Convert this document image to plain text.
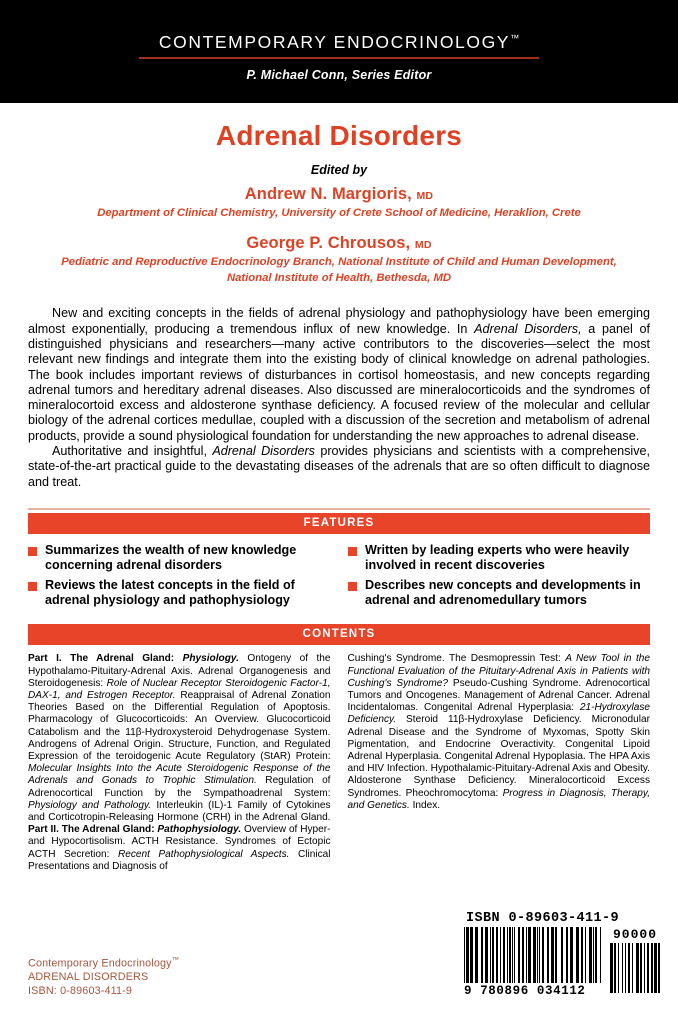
CONTEMPORARY ENDOCRINOLOGY™
P. Michael Conn, Series Editor
Adrenal Disorders
Edited by
Andrew N. Margioris, MD
Department of Clinical Chemistry, University of Crete School of Medicine, Heraklion, Crete
George P. Chrousos, MD
Pediatric and Reproductive Endocrinology Branch, National Institute of Child and Human Development,
National Institute of Health, Bethesda, MD

New and exciting concepts in the fields of adrenal physiology and pathophysiology have been emerging almost exponentially, producing a tremendous influx of new knowledge. In Adrenal Disorders, a panel of distinguished physicians and researchers—many active contributors to the discoveries—select the most relevant new findings and integrate them into the existing body of clinical knowledge on adrenal pathologies. The book includes important reviews of disturbances in cortisol homeostasis, and new concepts regarding adrenal tumors and hereditary adrenal diseases. Also discussed are mineralocorticoids and the syndromes of mineralocortoid excess and aldosterone synthase deficiency. A focused review of the molecular and cellular biology of the adrenal cortices medullae, coupled with a discussion of the secretion and metabolism of adrenal products, provide a sound physiological foundation for understanding the new approaches to adrenal disease.

Authoritative and insightful, Adrenal Disorders provides physicians and scientists with a comprehensive, state-of-the-art practical guide to the devastating diseases of the adrenals that are so often difficult to diagnose and treat.

FEATURES
Summarizes the wealth of new knowledge concerning adrenal disorders
Reviews the latest concepts in the field of adrenal physiology and pathophysiology
Written by leading experts who were heavily involved in recent discoveries
Describes new concepts and developments in adrenal and adrenomedullary tumors
CONTENTS
Part I. The Adrenal Gland: Physiology. Ontogeny of the Hypothalamo-Pituitary-Adrenal Axis. Adrenal Organogenesis and Steroidogenesis: Role of Nuclear Receptor Steroidogenic Factor-1, DAX-1, and Estrogen Receptor. Reappraisal of Adrenal Zonation Theories Based on the Differential Regulation of Apoptosis. Pharmacology of Glucocorticoids: An Overview. Glucocorticoid Catabolism and the 11β-Hydroxysteroid Dehydrogenase System. Androgens of Adrenal Origin. Structure, Function, and Regulated Expression of the teroidogenic Acute Regulatory (StAR) Protein: Molecular Insights Into the Acute Steroidogenic Response of the Adrenals and Gonads to Trophic Stimulation. Regulation of Adrenocortical Function by the Sympathoadrenal System: Physiology and Pathology. Interleukin (IL)-1 Family of Cytokines and Corticotropin-Releasing Hormone (CRH) in the Adrenal Gland. Part II. The Adrenal Gland: Pathophysiology. Overview of Hyper- and Hypocortisolism. ACTH Resistance. Syndromes of Ectopic ACTH Secretion: Recent Pathophysiological Aspects. Clinical Presentations and Diagnosis of
Cushing's Syndrome. The Desmopressin Test: A New Tool in the Functional Evaluation of the Pituitary-Adrenal Axis in Patients with Cushing's Syndrome? Pseudo-Cushing Syndrome. Adrenocortical Tumors and Oncogenes. Management of Adrenal Cancer. Adrenal Incidentalomas. Congenital Adrenal Hyperplasia: 21-Hydroxylase Deficiency. Steroid 11β-Hydroxylase Deficiency. Micronodular Adrenal Disease and the Syndrome of Myxomas, Spotty Skin Pigmentation, and Endocrine Overactivity. Congenital Lipoid Adrenal Hyperplasia. Congenital Adrenal Hypoplasia. The HPA Axis and HIV Infection. Hypothalamic-Pituitary-Adrenal Axis and Obesity. Aldosterone Synthase Deficiency. Mineralocorticoid Excess Syndromes. Pheochromocytoma: Progress in Diagnosis, Therapy, and Genetics. Index.
Contemporary Endocrinology™
ADRENAL DISORDERS
ISBN: 0-89603-411-9
ISBN 0-89603-411-9
9 780896 034112
90000
